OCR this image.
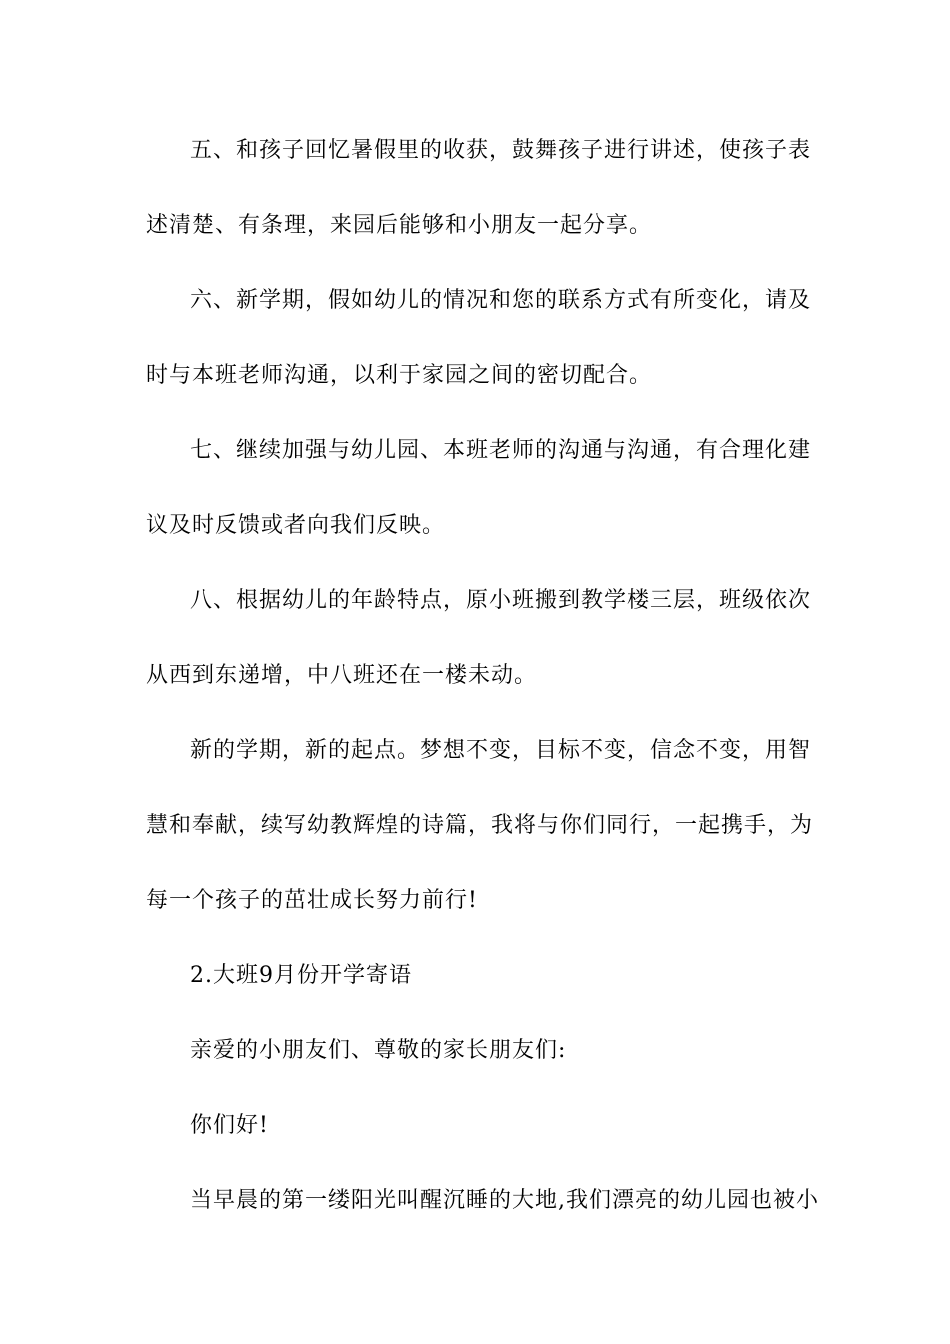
五、和孩子回忆暑假里的收获，鼓舞孩子进行讲述，使孩子表

述清楚、有条理，来园后能够和小朋友一起分享。

六、新学期，假如幼儿的情况和您的联系方式有所变化，请及

时与本班老师沟通，以利于家园之间的密切配合。

七、继续加强与幼儿园、本班老师的沟通与沟通，有合理化建

议及时反馈或者向我们反映。

八、根据幼儿的年龄特点，原小班搬到教学楼三层，班级依次

从西到东递增，中八班还在一楼未动。

新的学期，新的起点。梦想不变，目标不变，信念不变，用智

慧和奉献，续写幼教辉煌的诗篇，我将与你们同行，一起携手，为

每一个孩子的茁壮成长努力前行!

2.大班9月份开学寄语

亲爱的小朋友们、尊敬的家长朋友们:

你们好!

当早晨的第一缕阳光叫醒沉睡的大地,我们漂亮的幼儿园也被小
